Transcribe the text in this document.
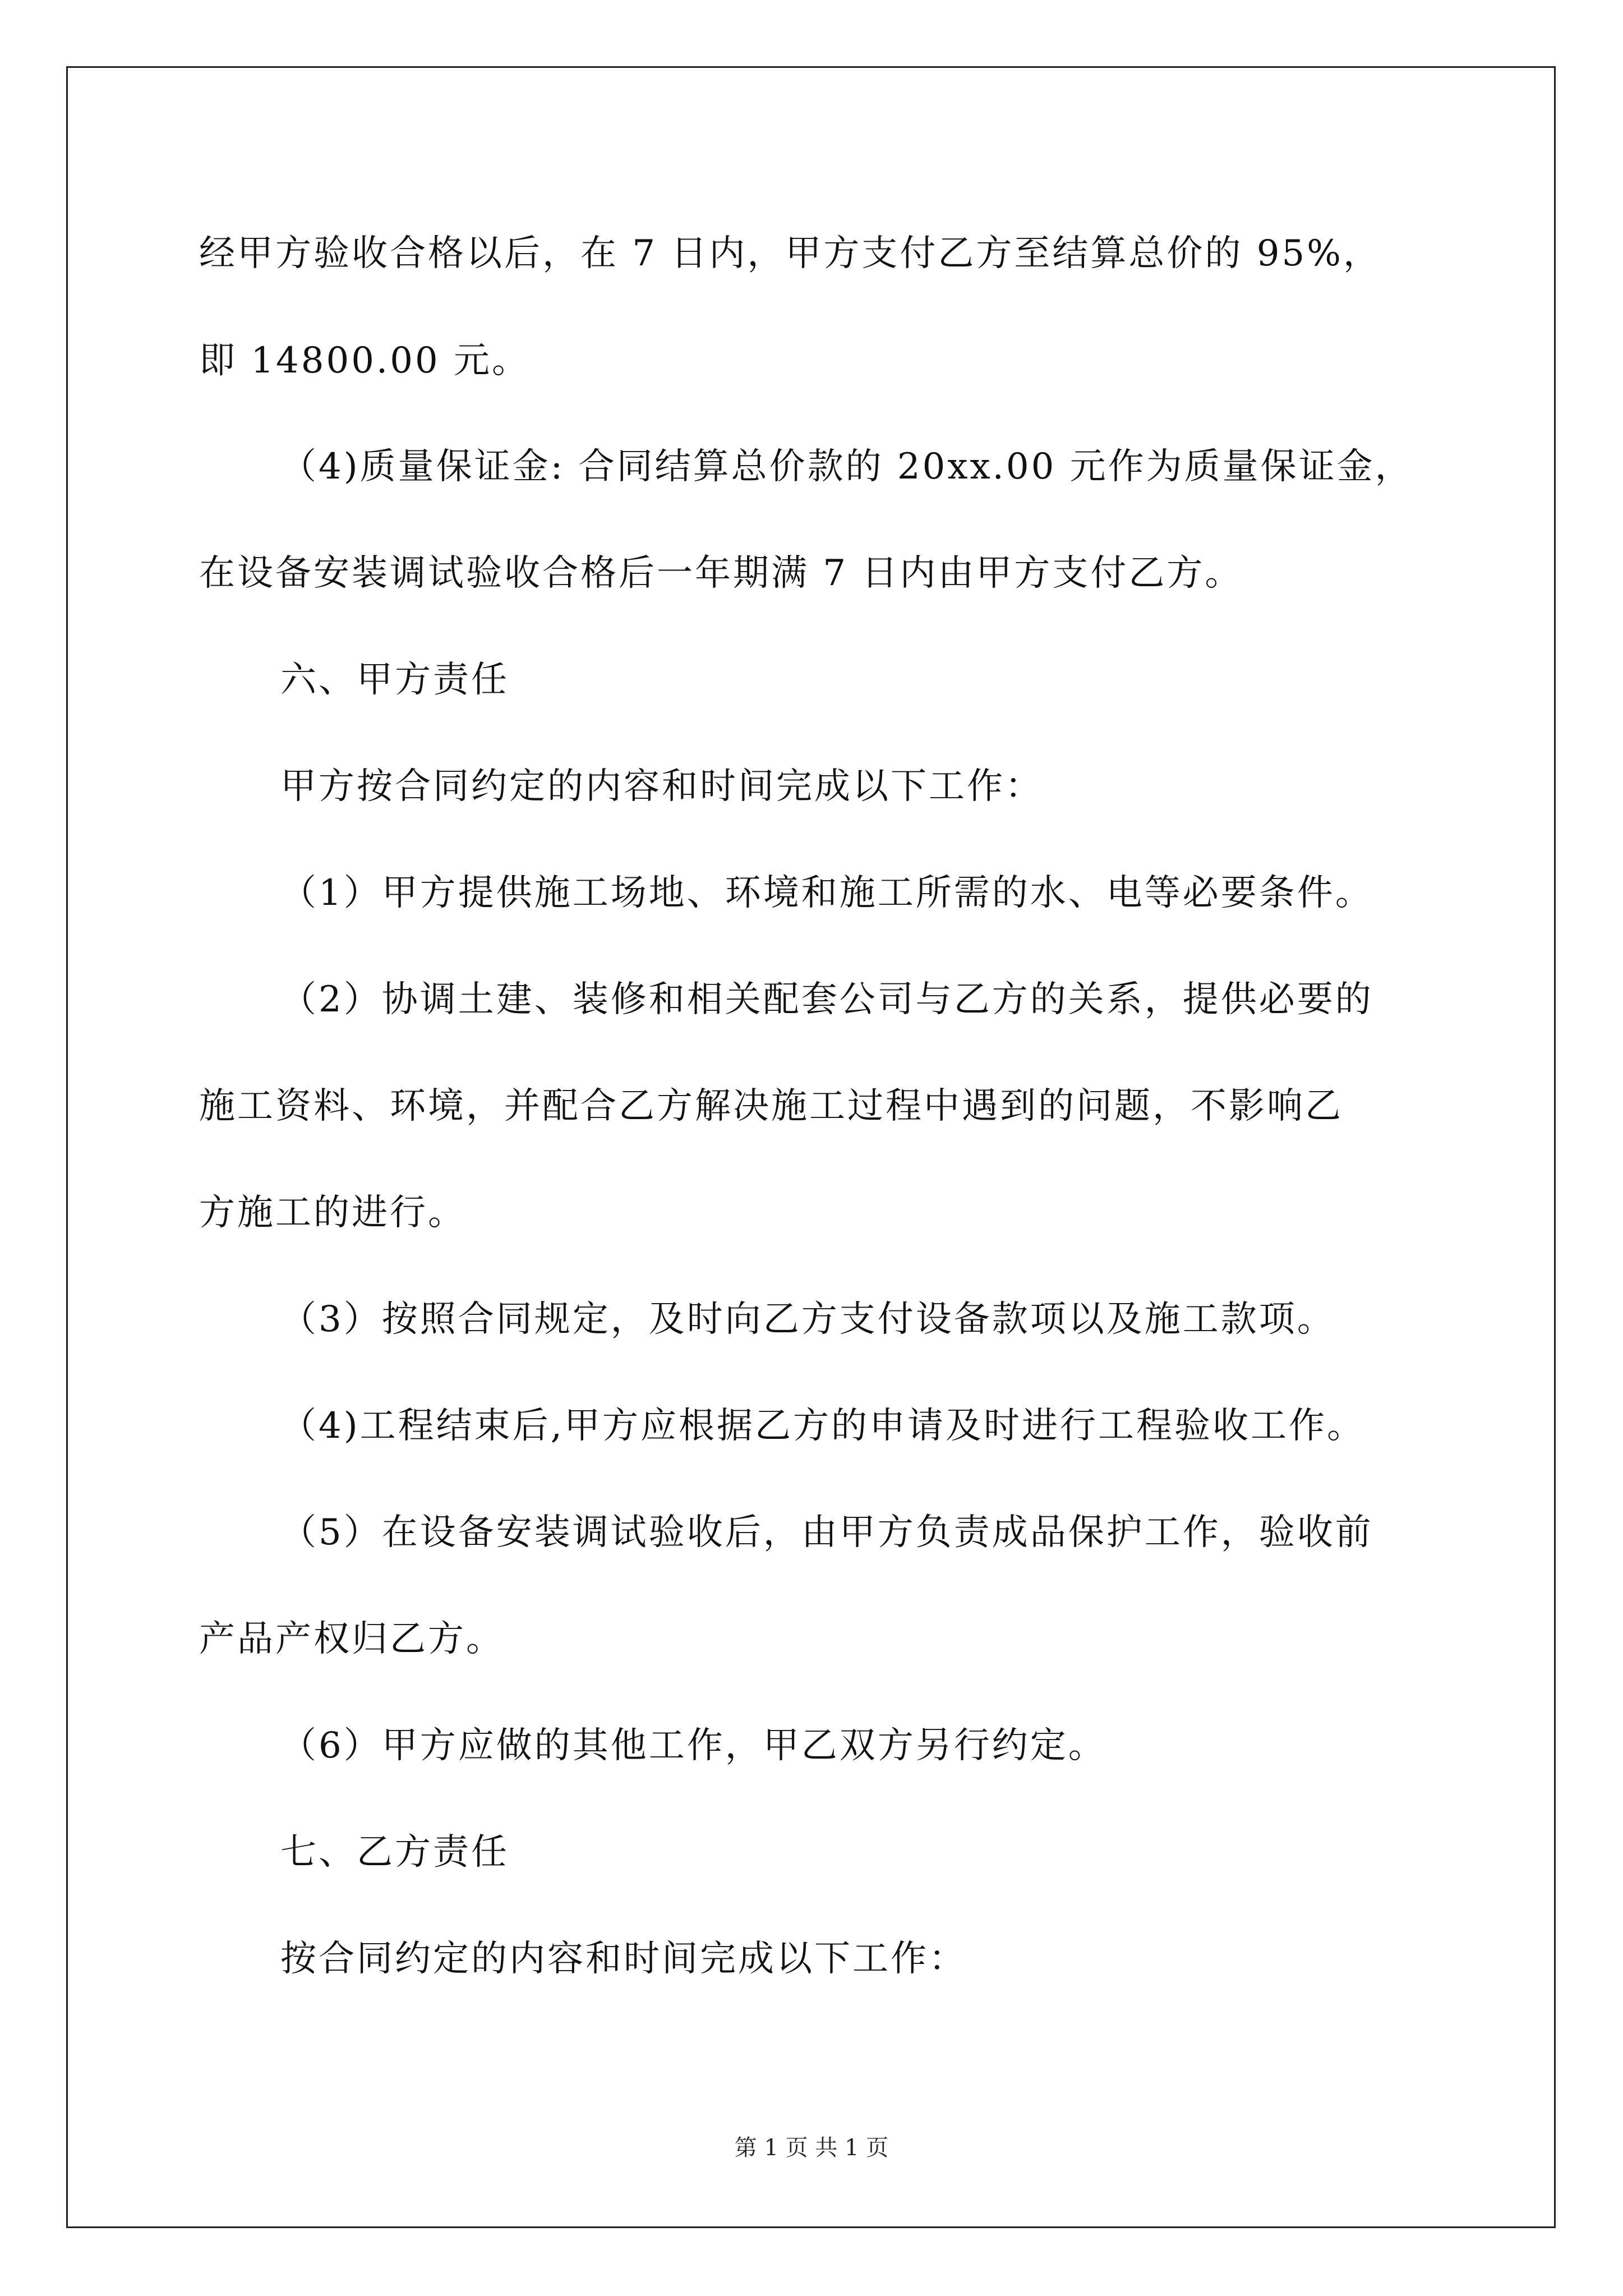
经甲方验收合格以后，在 7 日内，甲方支付乙方至结算总价的 95%，
即 14800.00 元。
（4)质量保证金: 合同结算总价款的 20xx.00 元作为质量保证金，
在设备安装调试验收合格后一年期满 7 日内由甲方支付乙方。
六、甲方责任
甲方按合同约定的内容和时间完成以下工作：
（1）甲方提供施工场地、环境和施工所需的水、电等必要条件。
（2）协调土建、装修和相关配套公司与乙方的关系，提供必要的
施工资料、环境，并配合乙方解决施工过程中遇到的问题，不影响乙
方施工的进行。
（3）按照合同规定，及时向乙方支付设备款项以及施工款项。
（4)工程结束后,甲方应根据乙方的申请及时进行工程验收工作。
（5）在设备安装调试验收后，由甲方负责成品保护工作，验收前
产品产权归乙方。
（6）甲方应做的其他工作，甲乙双方另行约定。
七、乙方责任
按合同约定的内容和时间完成以下工作：
第 1 页 共 1 页
